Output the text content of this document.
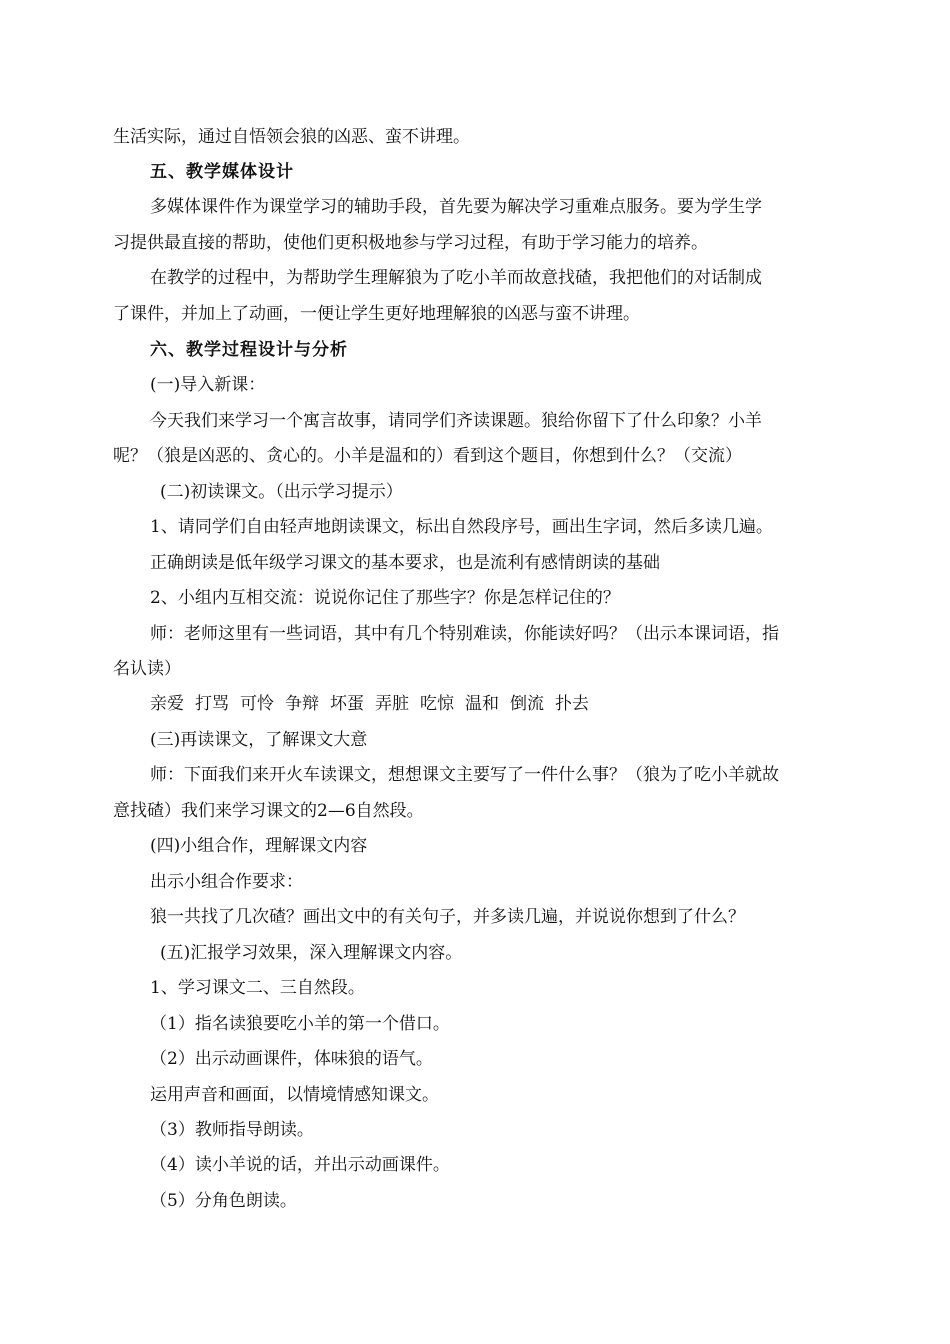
生活实际，通过自悟领会狼的凶恶、蛮不讲理。
五、教学媒体设计
多媒体课件作为课堂学习的辅助手段，首先要为解决学习重难点服务。要为学生学
习提供最直接的帮助，使他们更积极地参与学习过程，有助于学习能力的培养。
在教学的过程中，为帮助学生理解狼为了吃小羊而故意找碴，我把他们的对话制成
了课件，并加上了动画，一便让学生更好地理解狼的凶恶与蛮不讲理。
六、教学过程设计与分析
(一)导入新课：
今天我们来学习一个寓言故事，请同学们齐读课题。狼给你留下了什么印象？小羊
呢？（狼是凶恶的、贪心的。小羊是温和的）看到这个题目，你想到什么？（交流）
(二)初读课文。（出示学习提示）
1、请同学们自由轻声地朗读课文，标出自然段序号，画出生字词，然后多读几遍。
正确朗读是低年级学习课文的基本要求，也是流利有感情朗读的基础
2、小组内互相交流：说说你记住了那些字？你是怎样记住的？
师：老师这里有一些词语，其中有几个特别难读，你能读好吗？（出示本课词语，指
名认读）
亲爱 打骂 可怜 争辩 坏蛋 弄脏 吃惊 温和 倒流 扑去
(三)再读课文，了解课文大意
师：下面我们来开火车读课文，想想课文主要写了一件什么事？（狼为了吃小羊就故
意找碴）我们来学习课文的2—6自然段。
(四)小组合作，理解课文内容
出示小组合作要求：
狼一共找了几次碴？画出文中的有关句子，并多读几遍，并说说你想到了什么？
(五)汇报学习效果，深入理解课文内容。
1、学习课文二、三自然段。
（1）指名读狼要吃小羊的第一个借口。
（2）出示动画课件，体味狼的语气。
运用声音和画面，以情境情感知课文。
（3）教师指导朗读。
（4）读小羊说的话，并出示动画课件。
（5）分角色朗读。
